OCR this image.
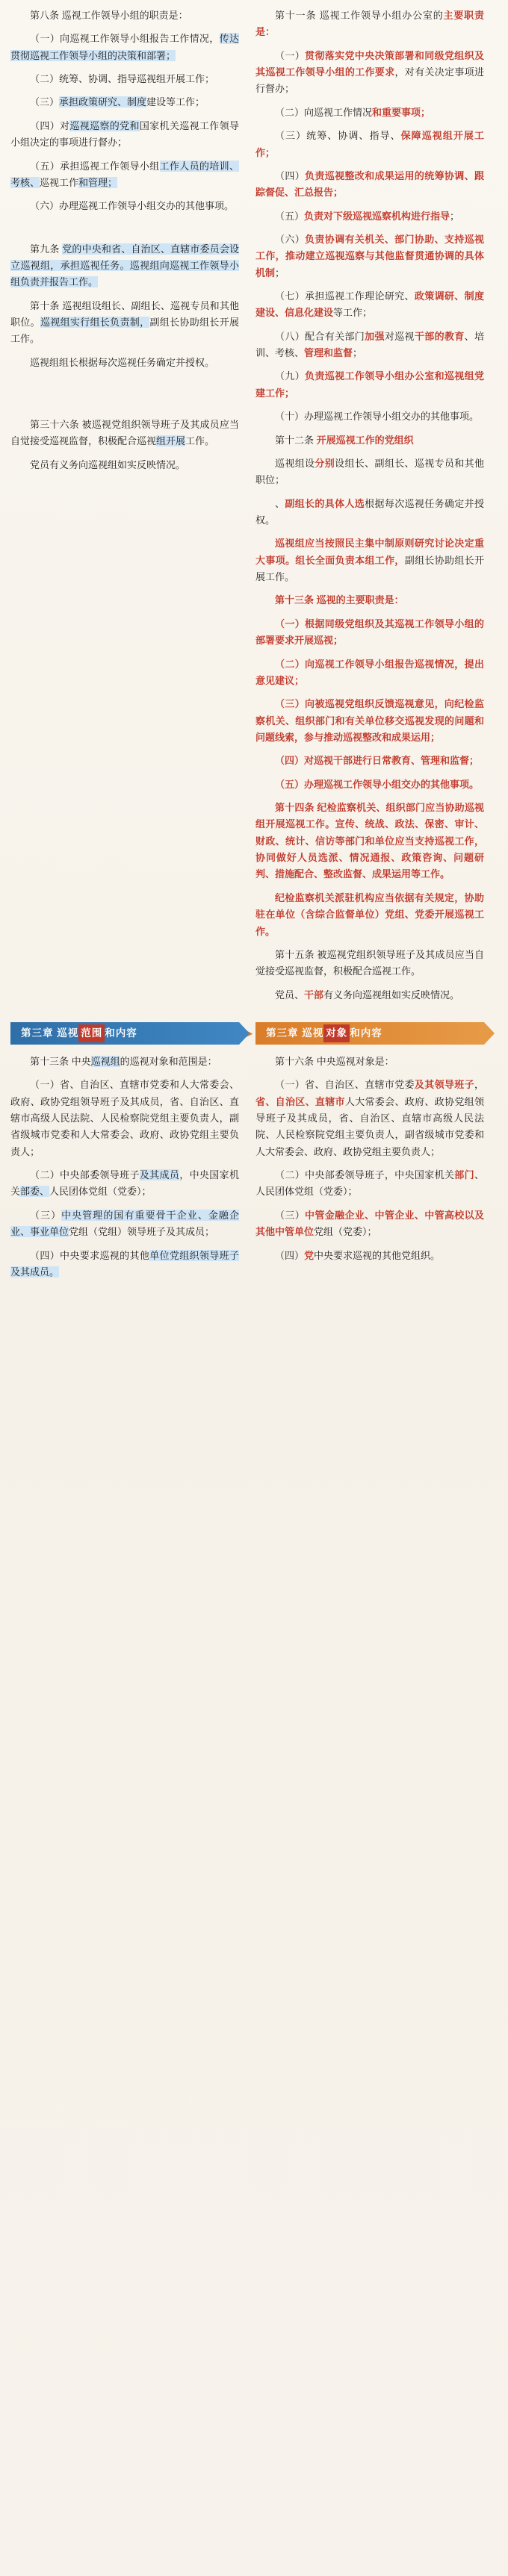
第八条 巡视工作领导小组的职责是：

（一）向巡视工作领导小组报告工作情况，传达贯彻巡视工作领导小组的决策和部署；

（二）统筹、协调、指导巡视组开展工作；

（三）承担政策研究、制度建设等工作；

（四）对巡视巡察的党和国家机关巡视工作领导小组决定的事项进行督办；

（五）承担巡视工作领导小组工作人员的培训、考核、巡视工作和管理；

（六）办理巡视工作领导小组交办的其他事项。

第九条 党的中央和省、自治区、直辖市委员会设立巡视组，承担巡视任务。巡视组向巡视工作领导小组负责并报告工作。

第十条 巡视组设组长、副组长、巡视专员和其他职位。巡视组实行组长负责制，副组长协助组长开展工作。

巡视组组长根据每次巡视任务确定并授权。

第三十六条 被巡视党组织领导班子及其成员应当自觉接受巡视监督，积极配合巡视组开展工作。

党员有义务向巡视组如实反映情况。

第十一条 巡视工作领导小组办公室的主要职责是：

（一）贯彻落实党中央决策部署和同级党组织及其巡视工作领导小组的工作要求，对有关决定事项进行督办；

（二）向巡视工作情况和重要事项；

（三）统筹、协调、指导、保障巡视组开展工作；

（四）负责巡视整改和成果运用的统筹协调、跟踪督促、汇总报告；

（五）负责对下级巡视巡察机构进行指导；

（六）负责协调有关机关、部门协助、支持巡视工作，推动建立巡视巡察与其他监督贯通协调的具体机制；

（七）承担巡视工作理论研究、政策调研、制度建设、信息化建设等工作；

（八）配合有关部门加强对巡视干部的教育、培训、考核、管理和监督；

（九）负责巡视工作领导小组办公室和巡视组党建工作；

（十）办理巡视工作领导小组交办的其他事项。

第十二条 开展巡视工作的党组织

巡视组设分别设组长、副组长、巡视专员和其他职位；

、副组长的具体人选根据每次巡视任务确定并授权。

巡视组应当按照民主集中制原则研究讨论决定重大事项。组长全面负责本组工作，副组长协助组长开展工作。

第十三条 巡视的主要职责是：

（一）根据同级党组织及其巡视工作领导小组的部署要求开展巡视；

（二）向巡视工作领导小组报告巡视情况，提出意见建议；

（三）向被巡视党组织反馈巡视意见，向纪检监察机关、组织部门和有关单位移交巡视发现的问题和问题线索，参与推动巡视整改和成果运用；

（四）对巡视干部进行日常教育、管理和监督；

（五）办理巡视工作领导小组交办的其他事项。

第十四条 纪检监察机关、组织部门应当协助巡视组开展巡视工作。宣传、统战、政法、保密、审计、财政、统计、信访等部门和单位应当支持巡视工作，协同做好人员选派、情况通报、政策咨询、问题研判、措施配合、整改监督、成果运用等工作。

纪检监察机关派驻机构应当依据有关规定，协助驻在单位（含综合监督单位）党组、党委开展巡视工作。

第十五条 被巡视党组织领导班子及其成员应当自觉接受巡视监督，积极配合巡视工作。

党员、干部有义务向巡视组如实反映情况。

第三章 巡视 范围 和内容	▶	第三章 巡视 对象 和内容

第十三条 中央巡视组的巡视对象和范围是：

（一）省、自治区、直辖市党委和人大常委会、政府、政协党组领导班子及其成员，省、自治区、直辖市高级人民法院、人民检察院党组主要负责人，副省级城市党委和人大常委会、政府、政协党组主要负责人；

（二）中央部委领导班子及其成员，中央国家机关部委、人民团体党组（党委）；

（三）中央管理的国有重要骨干企业、金融企业、事业单位党组（党组）领导班子及其成员；

（四）中央要求巡视的其他单位党组织领导班子及其成员。

第十六条 中央巡视对象是：

（一）省、自治区、直辖市党委及其领导班子，省、自治区、直辖市人大常委会、政府、政协党组领导班子及其成员，省、自治区、直辖市高级人民法院、人民检察院党组主要负责人，副省级城市党委和人大常委会、政府、政协党组主要负责人；

（二）中央部委领导班子，中央国家机关部门、人民团体党组（党委）；

（三）中管金融企业、中管企业、中管高校以及其他中管单位党组（党委）；

（四）党中央要求巡视的其他党组织。
